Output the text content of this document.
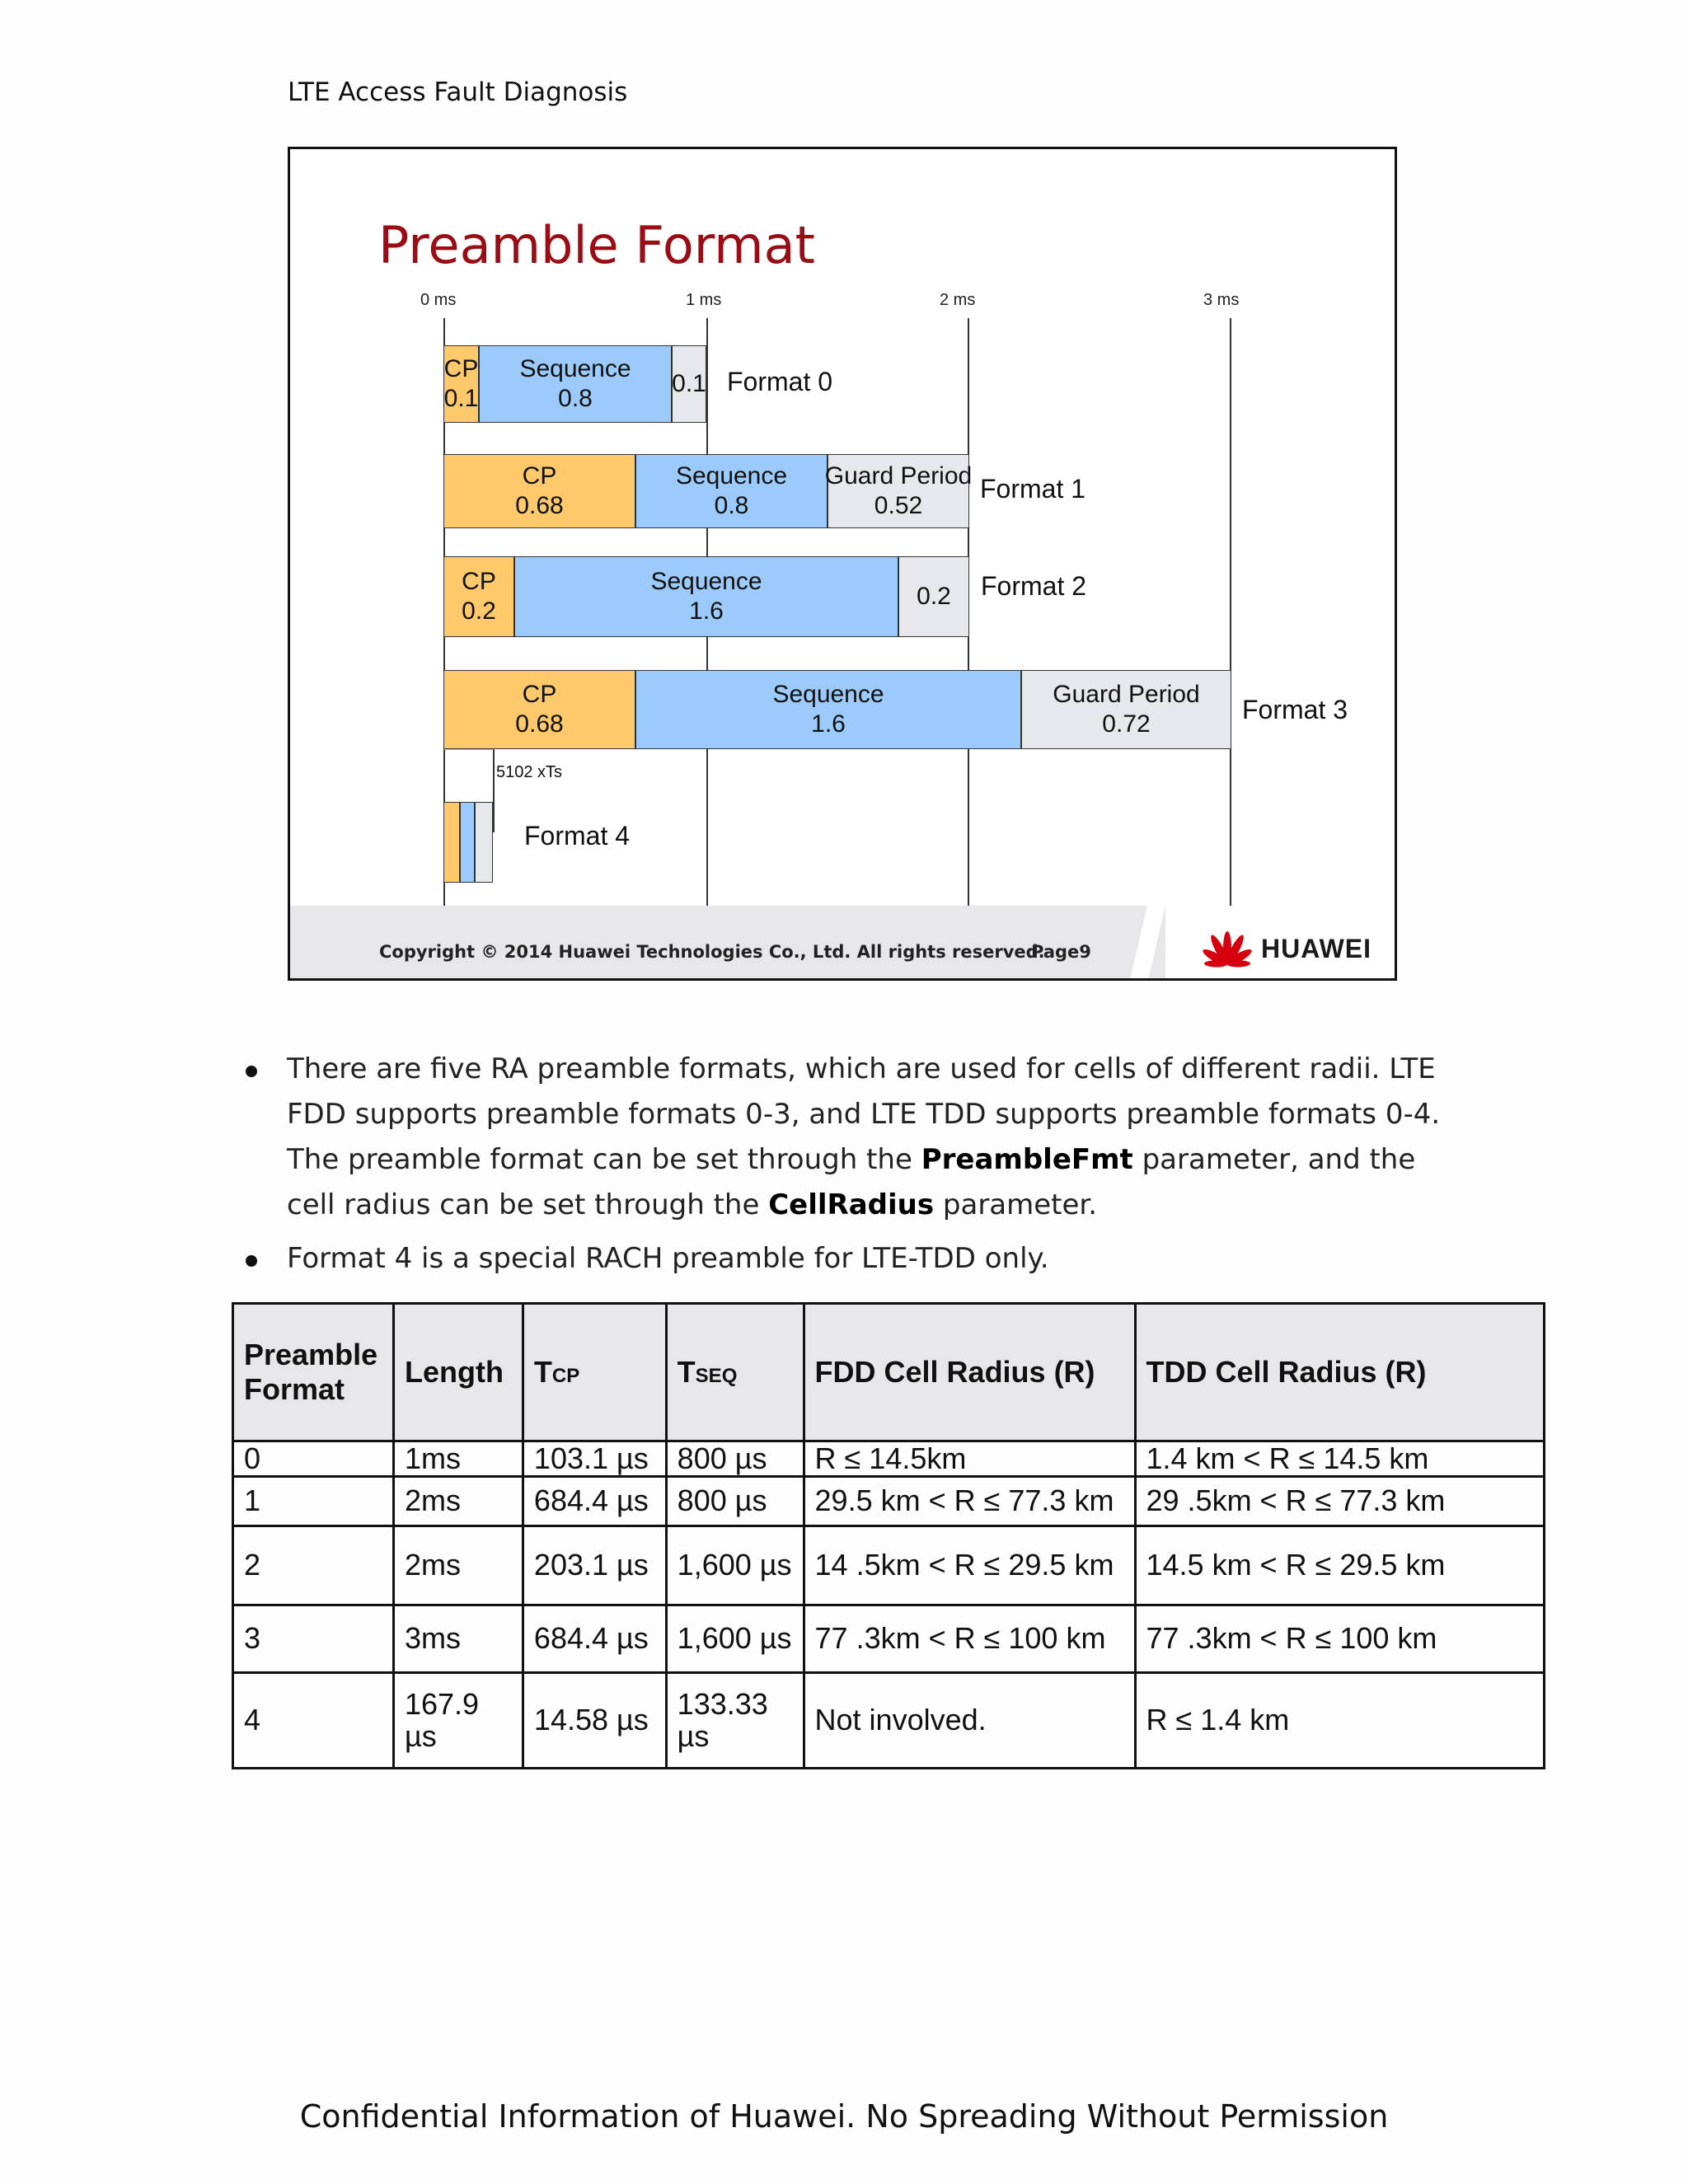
LTE Access Fault Diagnosis
Preamble Format
0 ms	1 ms	2 ms	3 ms
CP
0.1
Sequence
0.8
0.1 Format 0
CP
0.68
Sequence
0.8
Guard Period
0.52
Format 1
CP
0.2
Sequence
1.6
0.2 Format 2
CP
0.68
Sequence
1.6
Guard Period
0.72	Format 3
5102 xTs
Format 4
Copyright © 2014 Huawei Technologies Co., Ltd. All rights reserved.
Page9	HUAWEI
There are five RA preamble formats, which are used for cells of different radii. LTE FDD supports preamble formats 0-3, and LTE TDD supports preamble formats 0-4. The preamble format can be set through the PreambleFmt parameter, and the cell radius can be set through the CellRadius parameter.
Format 4 is a special RACH preamble for LTE-TDD only.
Preamble Format	Length	TCP	TSEQ	FDD Cell Radius (R)	TDD Cell Radius (R)
0	1ms	103.1 µs	800 µs	R ≤ 14.5km	1.4 km < R ≤ 14.5 km
1	2ms	684.4 µs	800 µs	29.5 km < R ≤ 77.3 km	29 .5km < R ≤ 77.3 km
2	2ms	203.1 µs	1,600 µs	14 .5km < R ≤ 29.5 km	14.5 km < R ≤ 29.5 km
3	3ms	684.4 µs	1,600 µs	77 .3km < R ≤ 100 km	77 .3km < R ≤ 100 km
4	167.9 µs	14.58 µs	133.33 µs	Not involved.	R ≤ 1.4 km
Confidential Information of Huawei. No Spreading Without Permission
